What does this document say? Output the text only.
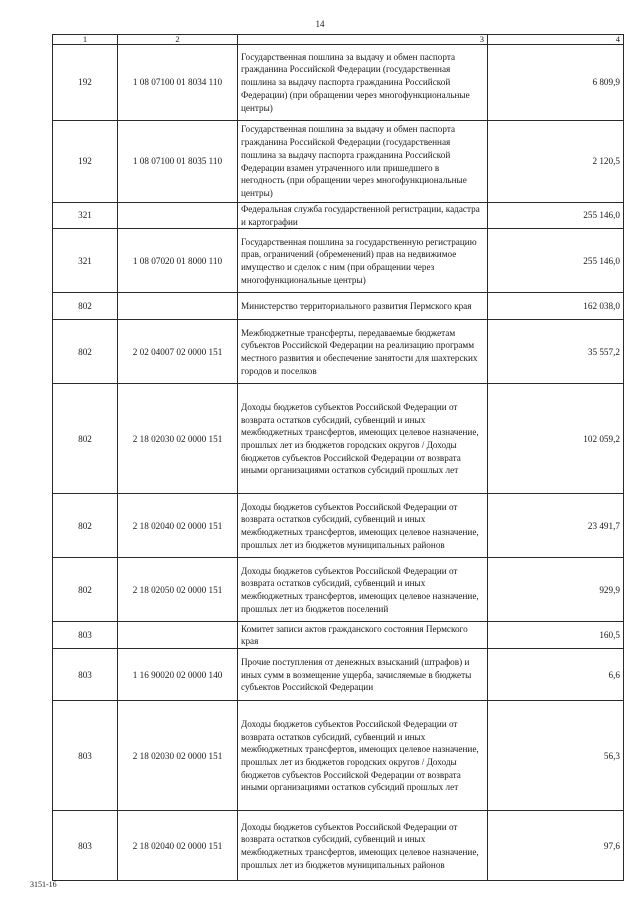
14
1	2	3	4
192	1 08 07100 01 8034 110	Государственная пошлина за выдачу и обмен паспорта гражданина Российской Федерации (государственная пошлина за выдачу паспорта гражданина Российской Федерации) (при обращении через многофункциональные центры)	6 809,9
192	1 08 07100 01 8035 110	Государственная пошлина за выдачу и обмен паспорта гражданина Российской Федерации (государственная пошлина за выдачу паспорта гражданина Российской Федерации взамен утраченного или пришедшего в негодность (при обращении через многофункциональные центры)	2 120,5
321		Федеральная служба государственной регистрации, кадастра и картографии	255 146,0
321	1 08 07020 01 8000 110	Государственная пошлина за государственную регистрацию прав, ограничений (обременений) прав на недвижимое имущество и сделок с ним (при обращении через многофункциональные центры)	255 146,0
802		Министерство территориального развития Пермского края	162 038,0
802	2 02 04007 02 0000 151	Межбюджетные трансферты, передаваемые бюджетам субъектов Российской Федерации на реализацию программ местного развития и обеспечение занятости для шахтерских городов и поселков	35 557,2
802	2 18 02030 02 0000 151	Доходы бюджетов субъектов Российской Федерации от возврата остатков субсидий, субвенций и иных межбюджетных трансфертов, имеющих целевое назначение, прошлых лет из бюджетов городских округов / Доходы бюджетов субъектов Российской Федерации от возврата иными организациями остатков субсидий прошлых лет	102 059,2
802	2 18 02040 02 0000 151	Доходы бюджетов субъектов Российской Федерации от возврата остатков субсидий, субвенций и иных межбюджетных трансфертов, имеющих целевое назначение, прошлых лет из бюджетов муниципальных районов	23 491,7
802	2 18 02050 02 0000 151	Доходы бюджетов субъектов Российской Федерации от возврата остатков субсидий, субвенций и иных межбюджетных трансфертов, имеющих целевое назначение, прошлых лет из бюджетов поселений	929,9
803		Комитет записи актов гражданского состояния Пермского края	160,5
803	1 16 90020 02 0000 140	Прочие поступления от денежных взысканий (штрафов) и иных сумм в возмещение ущерба, зачисляемые в бюджеты субъектов Российской Федерации	6,6
803	2 18 02030 02 0000 151	Доходы бюджетов субъектов Российской Федерации от возврата остатков субсидий, субвенций и иных межбюджетных трансфертов, имеющих целевое назначение, прошлых лет из бюджетов городских округов / Доходы бюджетов субъектов Российской Федерации от возврата иными организациями остатков субсидий прошлых лет	56,3
803	2 18 02040 02 0000 151	Доходы бюджетов субъектов Российской Федерации от возврата остатков субсидий, субвенций и иных межбюджетных трансфертов, имеющих целевое назначение, прошлых лет из бюджетов муниципальных районов	97,6
3151-16
